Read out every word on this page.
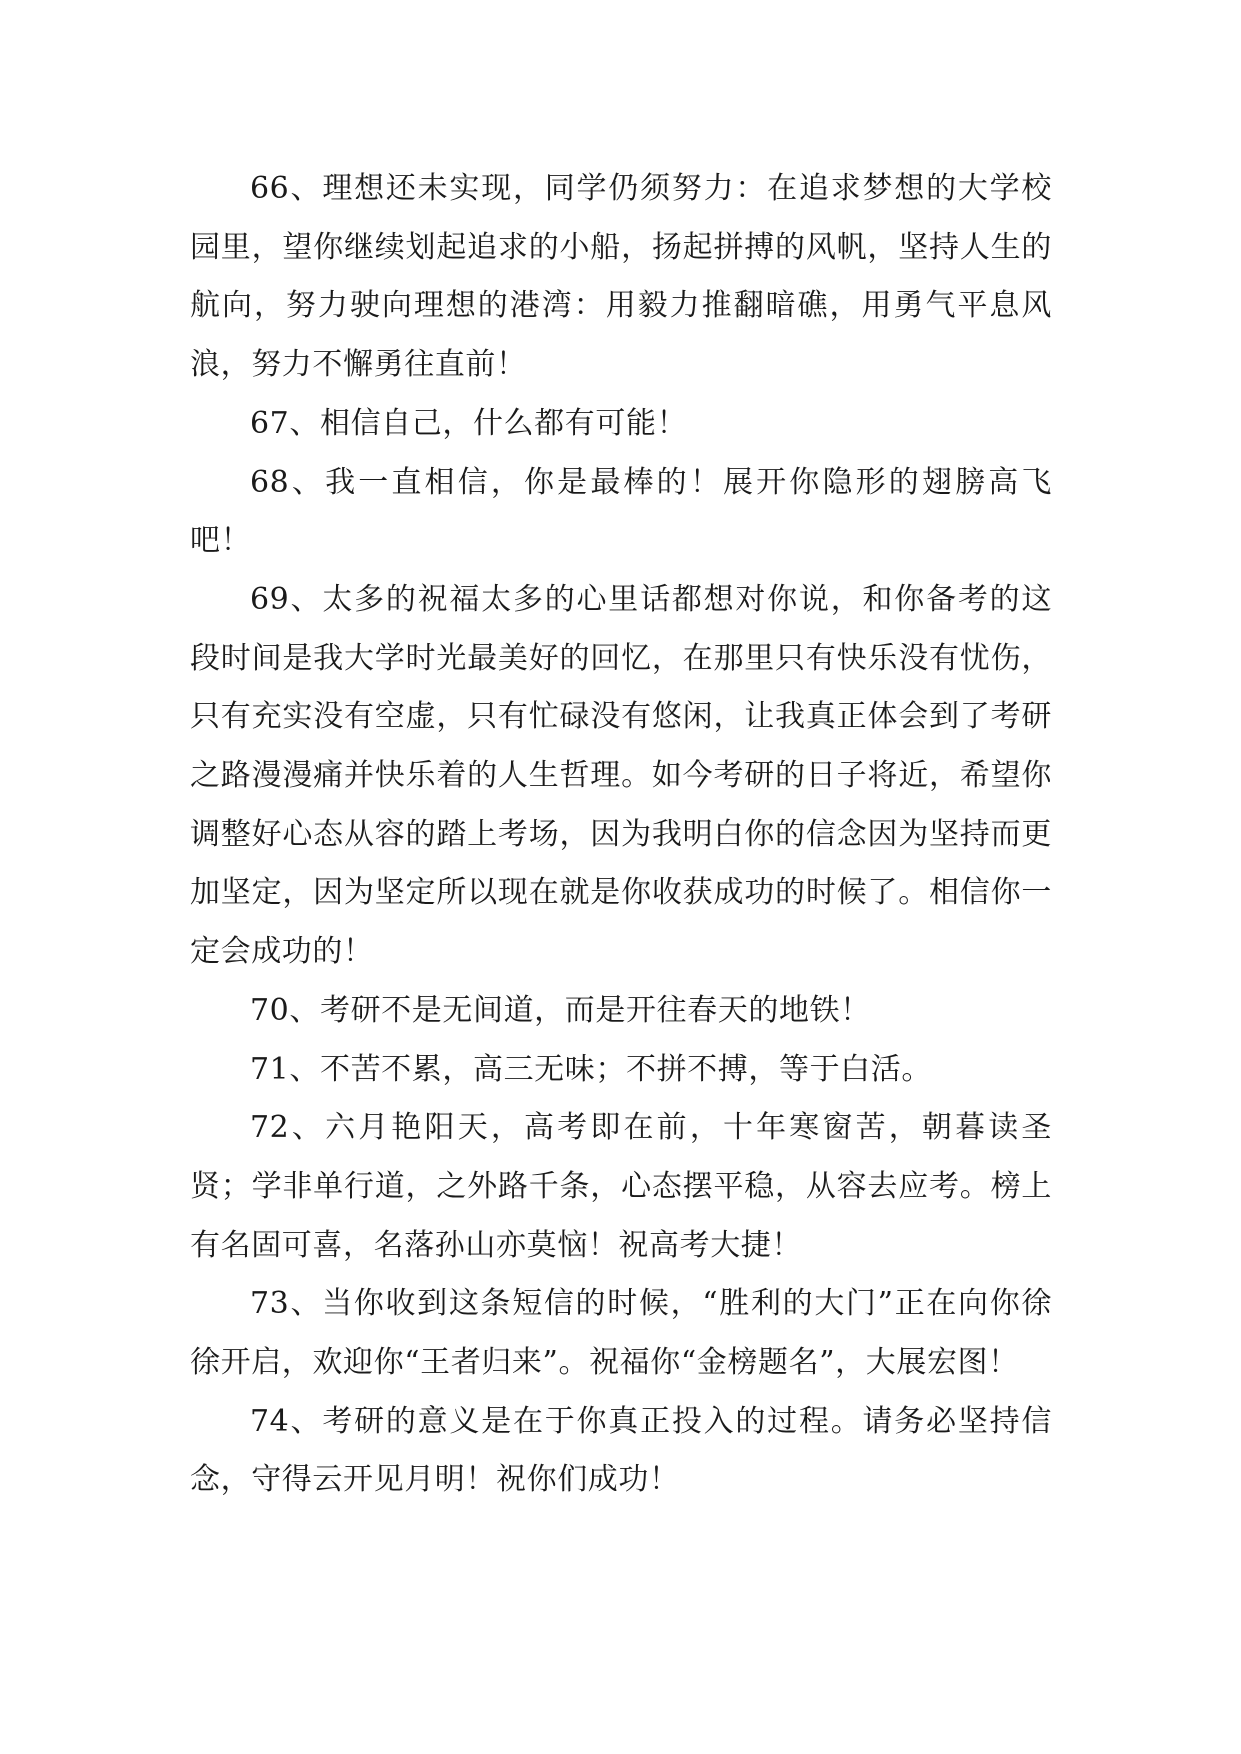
66、理想还未实现，同学仍须努力：在追求梦想的大学校园里，望你继续划起追求的小船，扬起拼搏的风帆，坚持人生的航向，努力驶向理想的港湾：用毅力推翻暗礁，用勇气平息风浪，努力不懈勇往直前！

67、相信自己，什么都有可能！

68、我一直相信，你是最棒的！展开你隐形的翅膀高飞吧！

69、太多的祝福太多的心里话都想对你说，和你备考的这段时间是我大学时光最美好的回忆，在那里只有快乐没有忧伤，只有充实没有空虚，只有忙碌没有悠闲，让我真正体会到了考研之路漫漫痛并快乐着的人生哲理。如今考研的日子将近，希望你调整好心态从容的踏上考场，因为我明白你的信念因为坚持而更加坚定，因为坚定所以现在就是你收获成功的时候了。相信你一定会成功的！

70、考研不是无间道，而是开往春天的地铁！

71、不苦不累，高三无味；不拼不搏，等于白活。

72、六月艳阳天，高考即在前，十年寒窗苦，朝暮读圣贤；学非单行道，之外路千条，心态摆平稳，从容去应考。榜上有名固可喜，名落孙山亦莫恼！祝高考大捷！

73、当你收到这条短信的时候，“胜利的大门”正在向你徐徐开启，欢迎你“王者归来”。祝福你“金榜题名”，大展宏图！

74、考研的意义是在于你真正投入的过程。请务必坚持信念，守得云开见月明！祝你们成功！
